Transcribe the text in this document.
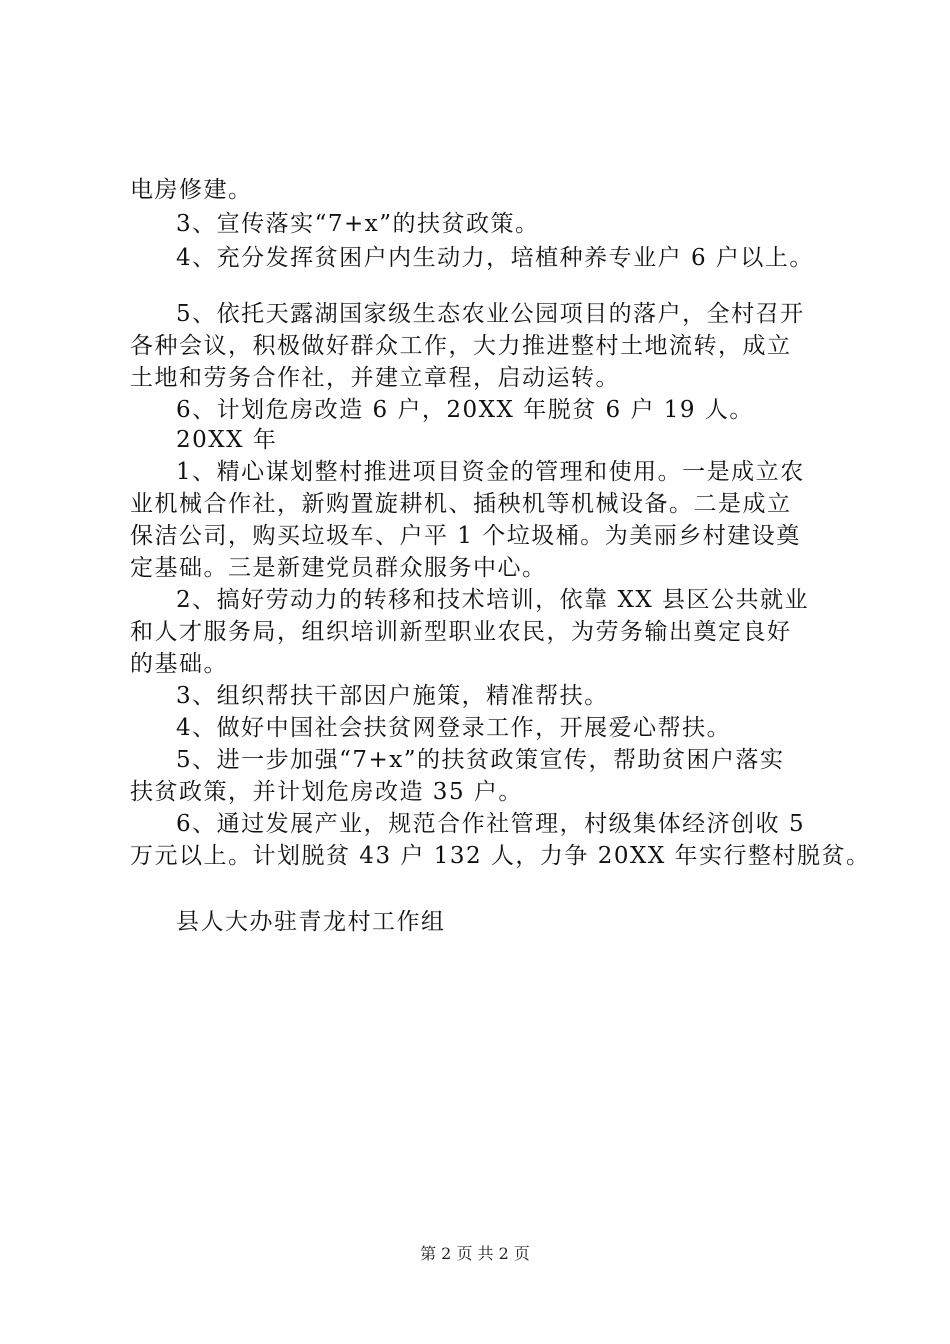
电房修建。
3、宣传落实“7+x”的扶贫政策。
4、充分发挥贫困户内生动力，培植种养专业户 6 户以上。
5、依托天露湖国家级生态农业公园项目的落户，全村召开
各种会议，积极做好群众工作，大力推进整村土地流转，成立
土地和劳务合作社，并建立章程，启动运转。
6、计划危房改造 6 户，20XX 年脱贫 6 户 19 人。
20XX 年
1、精心谋划整村推进项目资金的管理和使用。一是成立农
业机械合作社，新购置旋耕机、插秧机等机械设备。二是成立
保洁公司，购买垃圾车、户平 1 个垃圾桶。为美丽乡村建设奠
定基础。三是新建党员群众服务中心。
2、搞好劳动力的转移和技术培训，依靠 XX 县区公共就业
和人才服务局，组织培训新型职业农民，为劳务输出奠定良好
的基础。
3、组织帮扶干部因户施策，精准帮扶。
4、做好中国社会扶贫网登录工作，开展爱心帮扶。
5、进一步加强“7+x”的扶贫政策宣传，帮助贫困户落实
扶贫政策，并计划危房改造 35 户。
6、通过发展产业，规范合作社管理，村级集体经济创收 5
万元以上。计划脱贫 43 户 132 人，力争 20XX 年实行整村脱贫。
县人大办驻青龙村工作组
第 2 页 共 2 页
